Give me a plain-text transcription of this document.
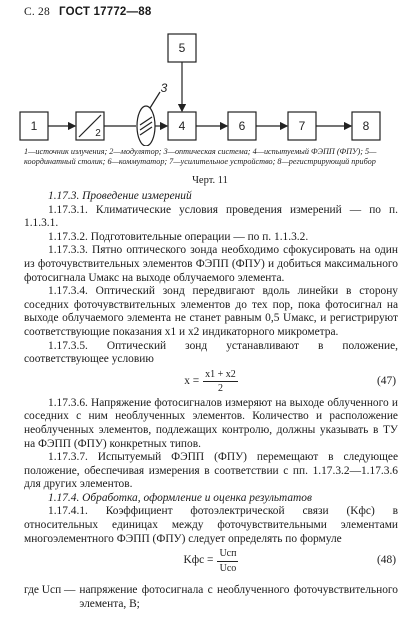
С. 28 ГОСТ 17772—88
1
2
4
5
6	7	8
3
1—источник излучения; 2—модулятор; 3—оптическая система; 4—испытуемый ФЭПП (ФПУ); 5—координатный столик; 6—коммутатор; 7—усилительное устройство; 8—регистрирующий прибор
Черт. 11

1.17.3. Проведение измерений

1.17.3.1. Климатические условия проведения измерений — по п. 1.1.3.1.

1.17.3.2. Подготовительные операции — по п. 1.1.3.2.

1.17.3.3. Пятно оптического зонда необходимо сфокусировать на один из фоточувствительных элементов ФЭПП (ФПУ) и добиться максимального фотосигнала Uмакс на выходе облучаемого элемента.

1.17.3.4. Оптический зонд передвигают вдоль линейки в сторону соседних фоточувствительных элементов до тех пор, пока фотосигнал на выходе облучаемого элемента не станет равным 0,5 Uмакс, и регистрируют соответствующие показания x1 и x2 индикаторного микрометра.

1.17.3.5. Оптический зонд устанавливают в положение, соответствующее условию

$x = \frac{x1 + x2}{2}$	(47)

1.17.3.6. Напряжение фотосигналов измеряют на выходе облученного и соседних с ним необлученных элементов. Количество и расположение необлученных элементов, подлежащих контролю, должны указывать в ТУ на ФЭПП (ФПУ) конкретных типов.

1.17.3.7. Испытуемый ФЭПП (ФПУ) перемещают в следующее положение, обеспечивая измерения в соответствии с пп. 1.17.3.2—1.17.3.6 для других элементов.

1.17.4. Обработка, оформление и оценка результатов

1.17.4.1. Коэффициент фотоэлектрической связи (Kфс) в относительных единицах между фоточувствительными элементами многоэлементного ФЭПП (ФПУ) следует определять по формуле

Kфс = $\frac{\text{Uсп}}{\text{Uсо}}$	(48)
где Uсп — напряжение фотосигнала с необлученного фоточувствительного элемента, В;
